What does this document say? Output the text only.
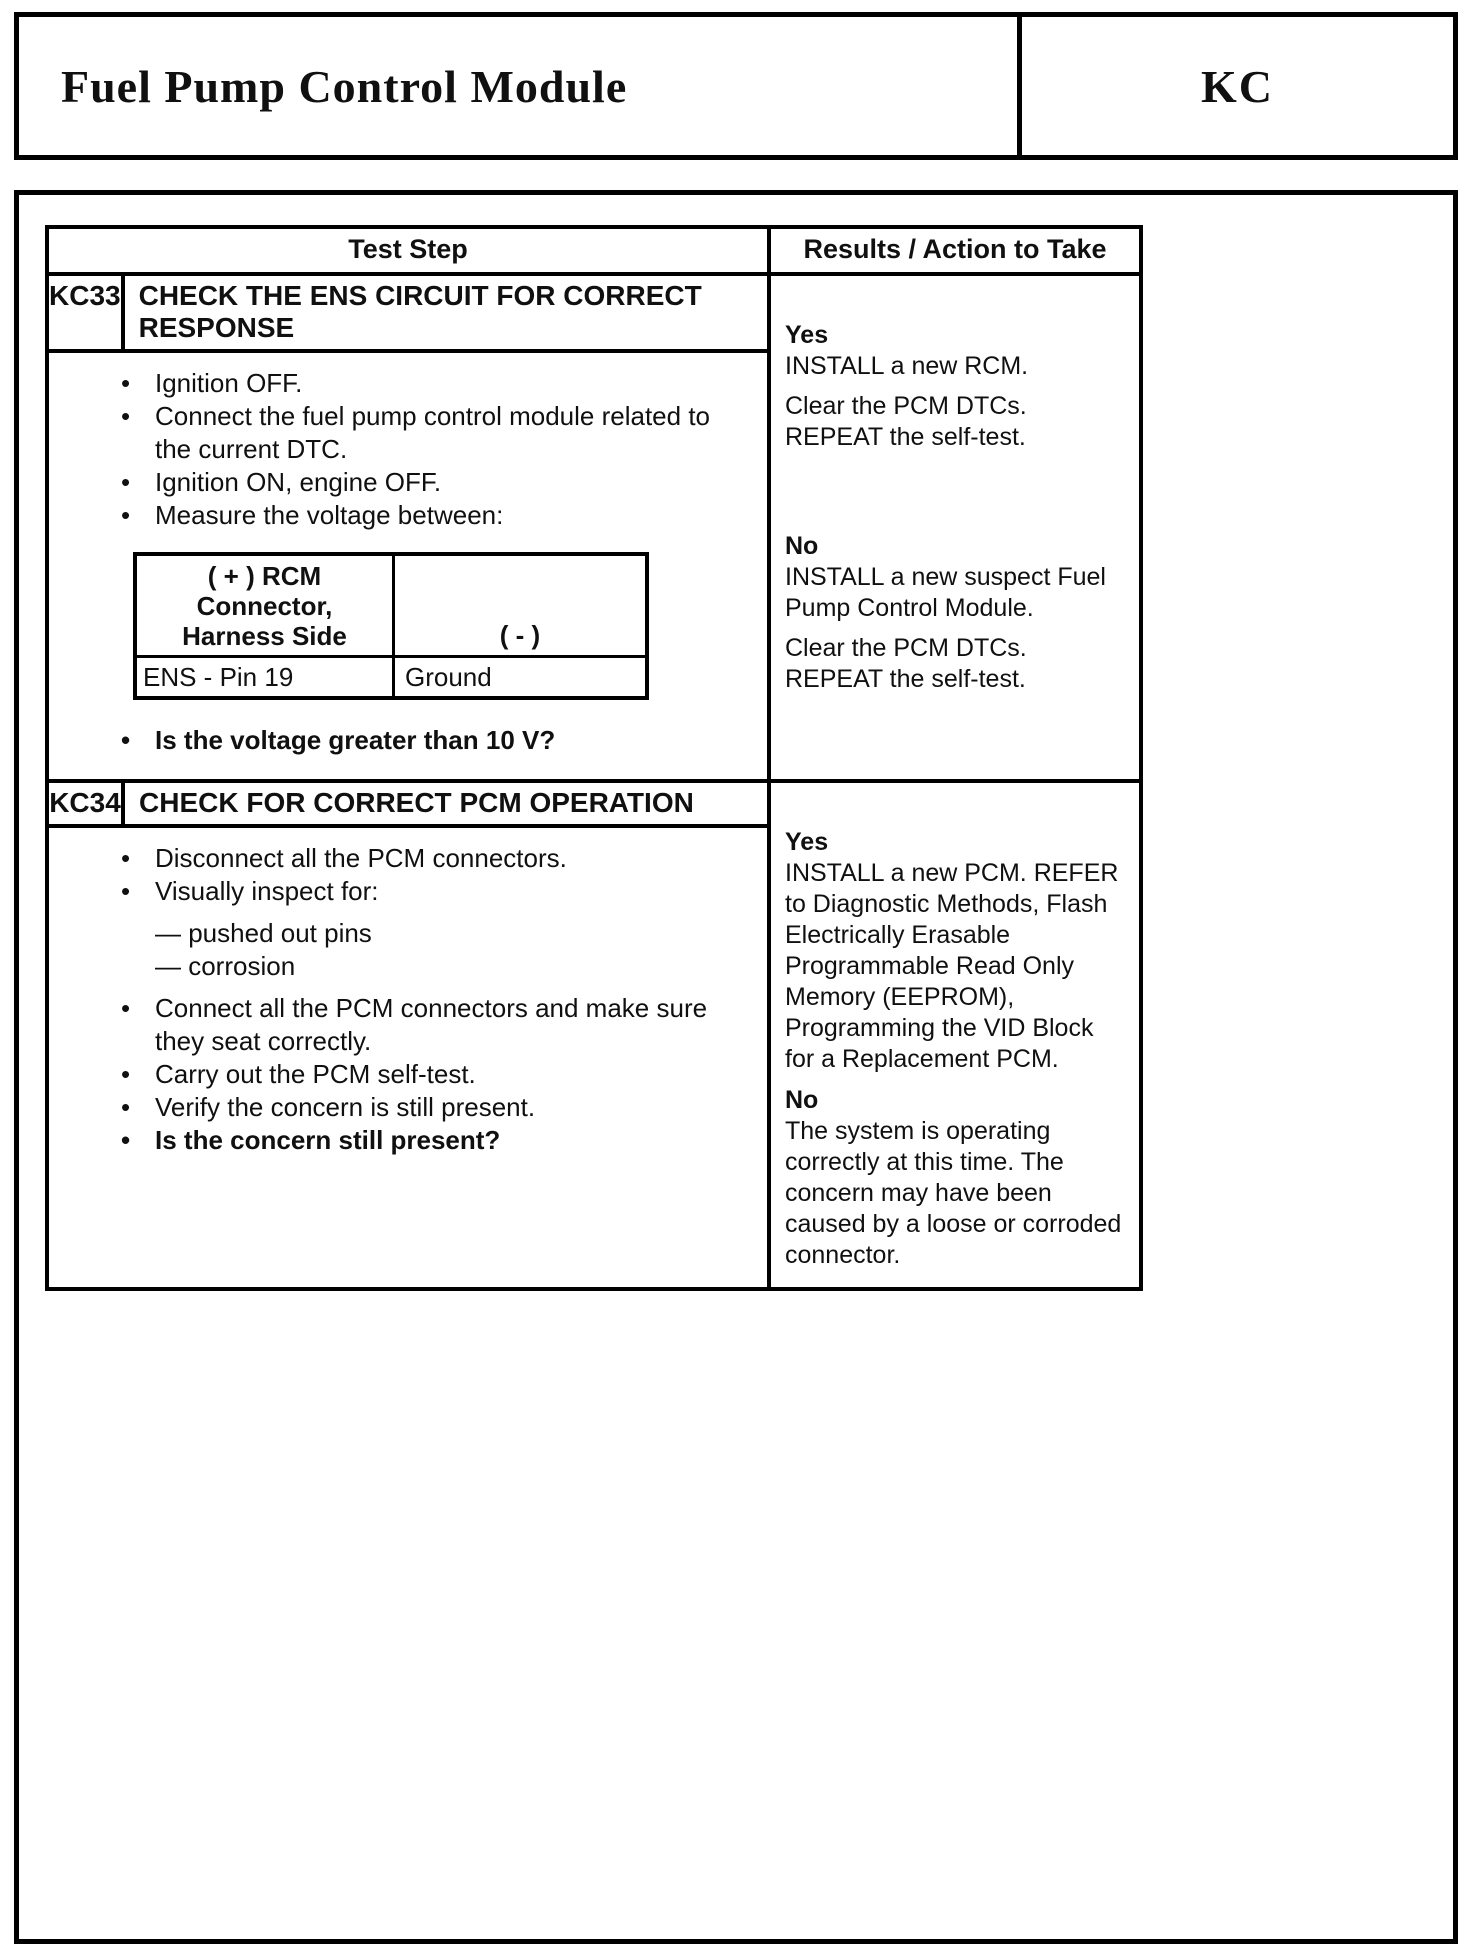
Fuel Pump Control Module	KC
Test Step	Results / Action to Take
KC33 CHECK THE ENS CIRCUIT FOR CORRECT RESPONSE
• Ignition OFF.
• Connect the fuel pump control module related to the current DTC.
• Ignition ON, engine OFF.
• Measure the voltage between:
( + ) RCM Connector,
Harness Side	( - )
ENS - Pin 19	Ground
• Is the voltage greater than 10 V?
Yes
INSTALL a new RCM.
Clear the PCM DTCs. REPEAT the self-test.
No
INSTALL a new suspect Fuel Pump Control Module.
Clear the PCM DTCs. REPEAT the self-test.
KC34 CHECK FOR CORRECT PCM OPERATION
• Disconnect all the PCM connectors.
• Visually inspect for:
— pushed out pins
— corrosion
• Connect all the PCM connectors and make sure they seat correctly.
• Carry out the PCM self-test.
• Verify the concern is still present.
• Is the concern still present?
Yes
INSTALL a new PCM. REFER to Diagnostic Methods, Flash Electrically Erasable Programmable Read Only Memory (EEPROM), Programming the VID Block for a Replacement PCM.
No
The system is operating correctly at this time. The concern may have been caused by a loose or corroded connector.
